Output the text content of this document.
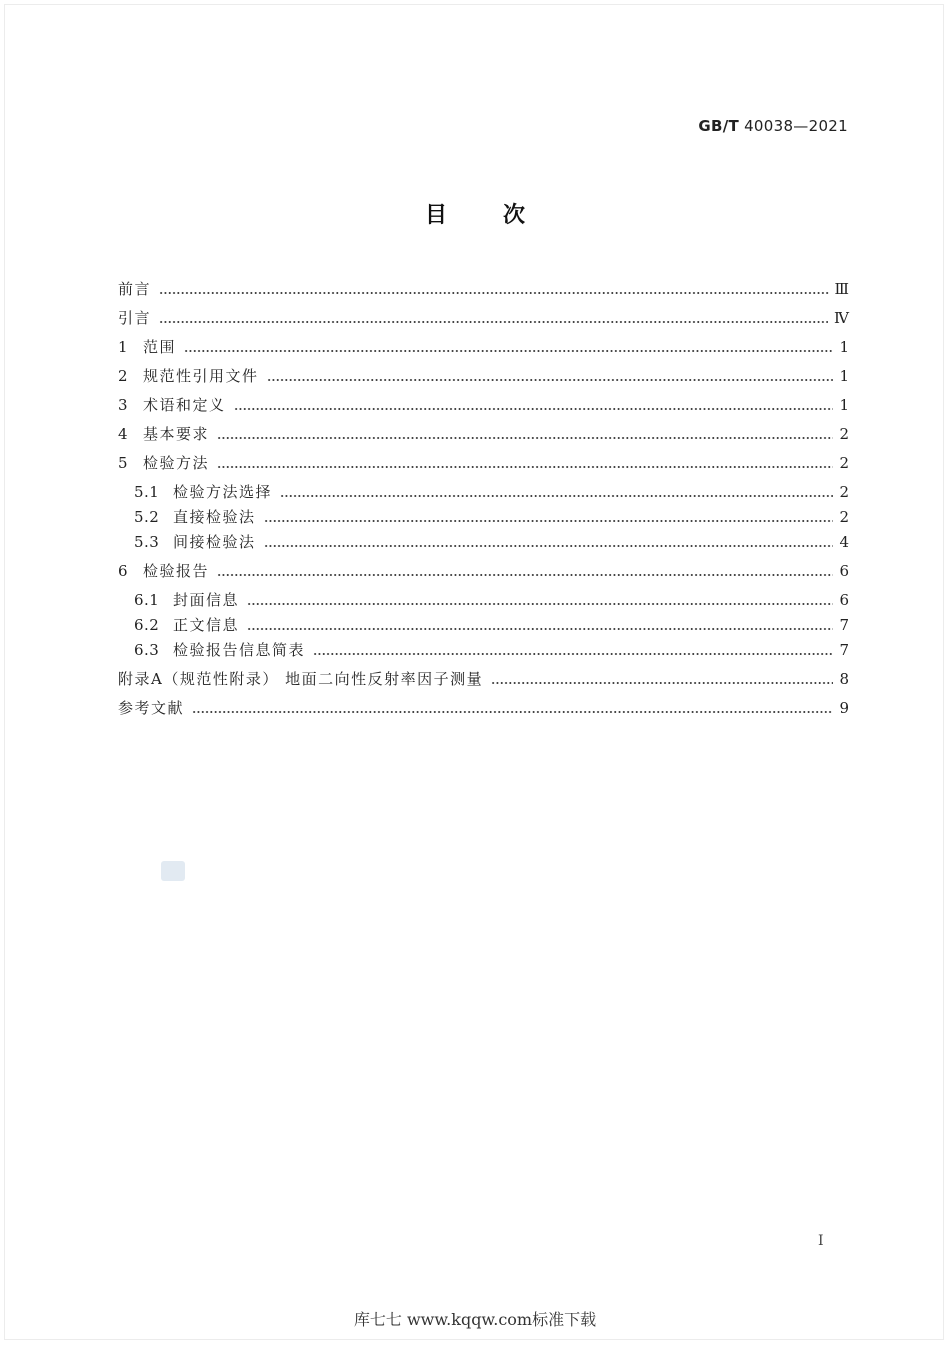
GB/T 40038—2021
目次
前言	Ⅲ
引言	Ⅳ
1 范围	1
2 规范性引用文件	1
3 术语和定义	1
4 基本要求	2
5 检验方法	2
5.1 检验方法选择	2
5.2 直接检验法	2
5.3 间接检验法	4
6 检验报告	6
6.1 封面信息	6
6.2 正文信息	7
6.3 检验报告信息简表	7
附录A（规范性附录） 地面二向性反射率因子测量	8
参考文献	9
I
库七七 www.kqqw.com标准下载
